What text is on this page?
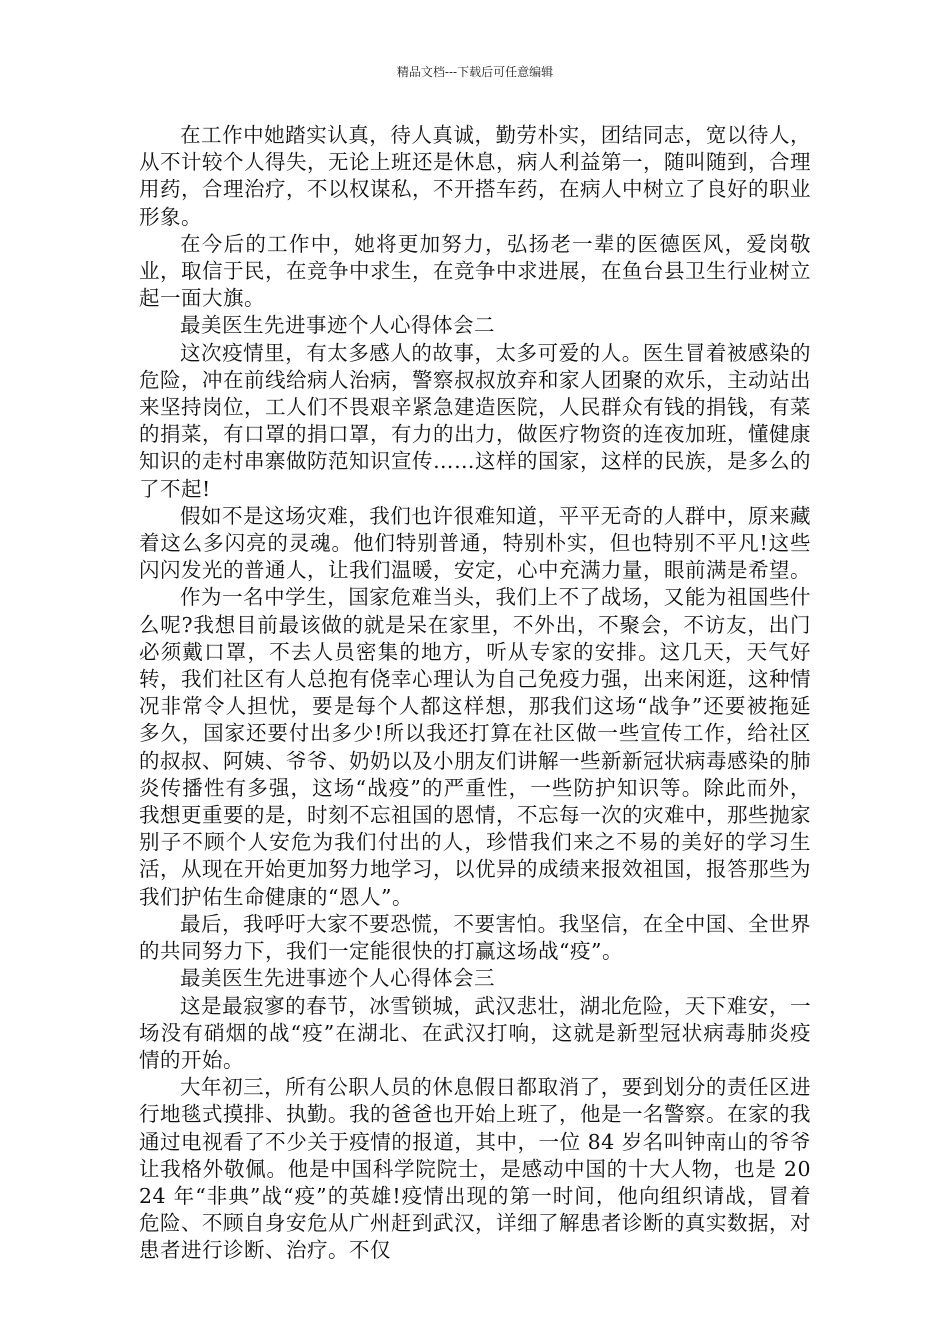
精品文档---下载后可任意编辑

在工作中她踏实认真，待人真诚，勤劳朴实，团结同志，宽以待人，从不计较个人得失，无论上班还是休息，病人利益第一，随叫随到，合理用药，合理治疗，不以权谋私，不开搭车药，在病人中树立了良好的职业形象。

在今后的工作中，她将更加努力，弘扬老一辈的医德医风，爱岗敬业，取信于民，在竞争中求生，在竞争中求进展，在鱼台县卫生行业树立起一面大旗。

最美医生先进事迹个人心得体会二

这次疫情里，有太多感人的故事，太多可爱的人。医生冒着被感染的危险，冲在前线给病人治病，警察叔叔放弃和家人团聚的欢乐，主动站出来坚持岗位，工人们不畏艰辛紧急建造医院，人民群众有钱的捐钱，有菜的捐菜，有口罩的捐口罩，有力的出力，做医疗物资的连夜加班，懂健康知识的走村串寨做防范知识宣传……这样的国家，这样的民族，是多么的了不起!

假如不是这场灾难，我们也许很难知道，平平无奇的人群中，原来藏着这么多闪亮的灵魂。他们特别普通，特别朴实，但也特别不平凡!这些闪闪发光的普通人，让我们温暖，安定，心中充满力量，眼前满是希望。

作为一名中学生，国家危难当头，我们上不了战场，又能为祖国些什么呢?我想目前最该做的就是呆在家里，不外出，不聚会，不访友，出门必须戴口罩，不去人员密集的地方，听从专家的安排。这几天，天气好转，我们社区有人总抱有侥幸心理认为自己免疫力强，出来闲逛，这种情况非常令人担忧，要是每个人都这样想，那我们这场“战争”还要被拖延多久，国家还要付出多少!所以我还打算在社区做一些宣传工作，给社区的叔叔、阿姨、爷爷、奶奶以及小朋友们讲解一些新新冠状病毒感染的肺炎传播性有多强，这场“战疫”的严重性，一些防护知识等。除此而外，我想更重要的是，时刻不忘祖国的恩情，不忘每一次的灾难中，那些抛家别子不顾个人安危为我们付出的人，珍惜我们来之不易的美好的学习生活，从现在开始更加努力地学习，以优异的成绩来报效祖国，报答那些为我们护佑生命健康的“恩人”。

最后，我呼吁大家不要恐慌，不要害怕。我坚信，在全中国、全世界的共同努力下，我们一定能很快的打赢这场战“疫”。

最美医生先进事迹个人心得体会三

这是最寂寥的春节，冰雪锁城，武汉悲壮，湖北危险，天下难安，一场没有硝烟的战“疫”在湖北、在武汉打响，这就是新型冠状病毒肺炎疫情的开始。

大年初三，所有公职人员的休息假日都取消了，要到划分的责任区进行地毯式摸排、执勤。我的爸爸也开始上班了，他是一名警察。在家的我通过电视看了不少关于疫情的报道，其中，一位 84 岁名叫钟南山的爷爷让我格外敬佩。他是中国科学院院士，是感动中国的十大人物，也是 2024 年“非典”战“疫”的英雄!疫情出现的第一时间，他向组织请战，冒着危险、不顾自身安危从广州赶到武汉，详细了解患者诊断的真实数据，对患者进行诊断、治疗。不仅
